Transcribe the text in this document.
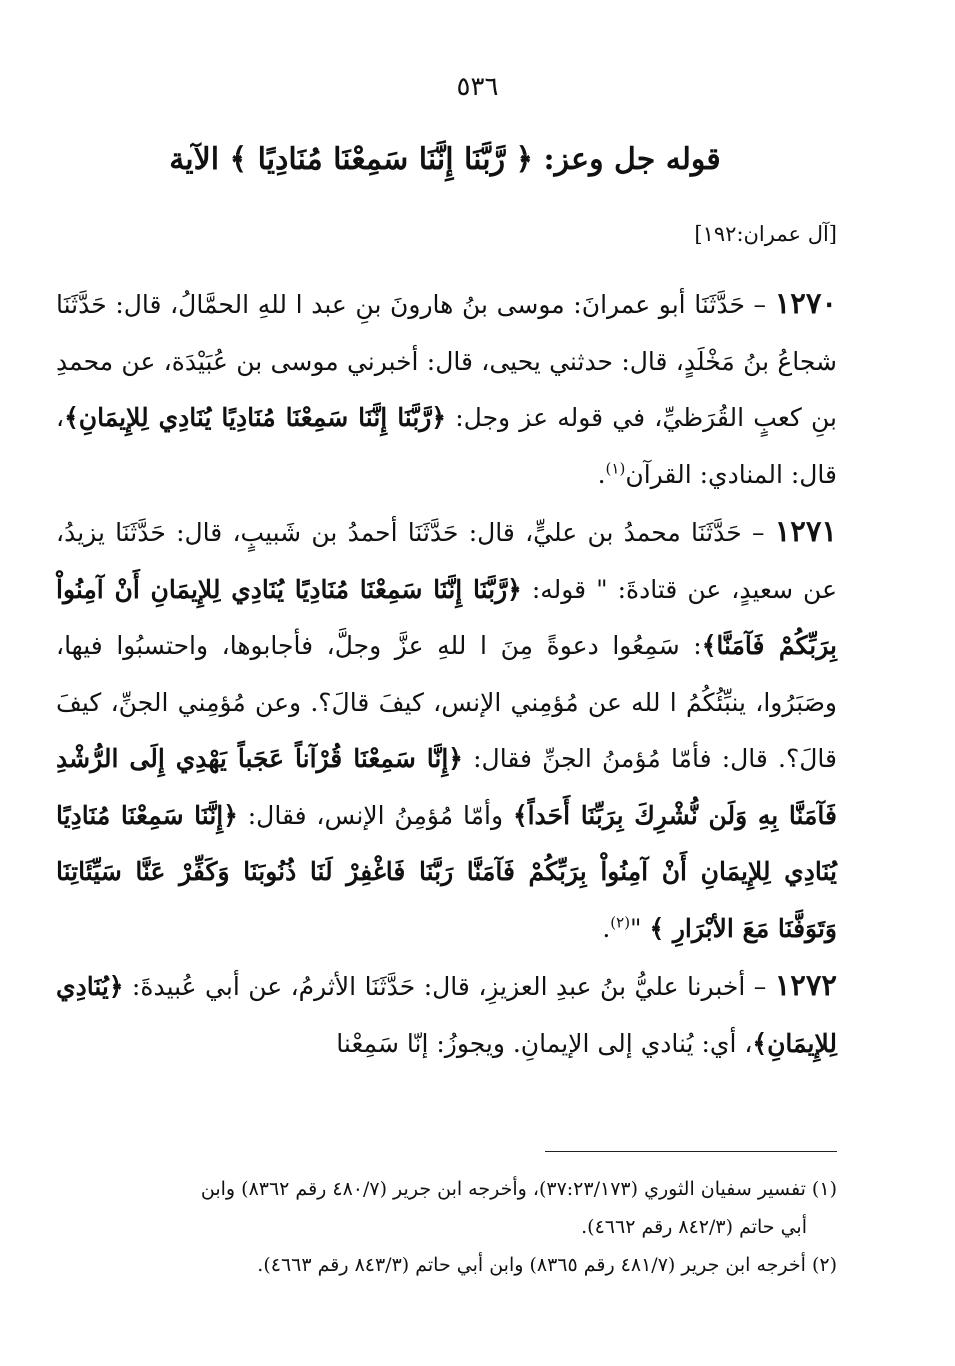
٥٣٦
قوله جل وعز: ﴿ رَّبَّنَا إِنَّنَا سَمِعْنَا مُنَادِيًا ﴾ الآية
[آل عمران:١٩٢]

١٢٧٠ – حَدَّثَنَا أبو عمرانَ: موسى بنُ هارونَ بنِ عبد ا للهِ الحمَّالُ، قال: حَدَّثَنَا شجاعُ بنُ مَخْلَدٍ، قال: حدثني يحيى، قال: أخبرني موسى بن عُبَيْدَة، عن محمدِ بنِ كعبٍ القُرَظيِّ، في قوله عز وجل: ﴿رَّبَّنَا إِنَّنَا سَمِعْنَا مُنَادِيًا يُنَادِي لِلإِيمَانِ﴾، قال: المنادي: القرآن$^{(١)}$.

١٢٧١ – حَدَّثَنَا محمدُ بن عليٍّ، قال: حَدَّثَنَا أحمدُ بن شَبيبٍ، قال: حَدَّثَنَا يزيدُ، عن سعيدٍ، عن قتادةَ: " قوله: ﴿رَّبَّنَا إِنَّنَا سَمِعْنَا مُنَادِيًا يُنَادِي لِلإِيمَانِ أَنْ آمِنُواْ بِرَبِّكُمْ فَآمَنَّا﴾: سَمِعُوا دعوةً مِنَ ا للهِ عزَّ وجلَّ، فأجابوها، واحتسبُوا فيها، وصَبَرُوا، ينبِّئُكُمُ ا لله عن مُؤمِني الإنس، كيفَ قالَ؟. وعن مُؤمِني الجنِّ، كيفَ قالَ؟. قال: فأمّا مُؤمنُ الجنِّ فقال: ﴿إِنَّا سَمِعْنَا قُرْآناً عَجَباً يَهْدِي إِلَى الرُّشْدِ فَآمَنَّا بِهِ وَلَن نُّشْرِكَ بِرَبِّنَا أَحَداً﴾ وأمّا مُؤمِنُ الإنس، فقال: ﴿إِنَّنَا سَمِعْنَا مُنَادِيًا يُنَادِي لِلإِيمَانِ أَنْ آمِنُواْ بِرَبِّكُمْ فَآمَنَّا رَبَّنَا فَاغْفِرْ لَنَا ذُنُوبَنَا وَكَفِّرْ عَنَّا سَيِّئَاتِنَا وَتَوَفَّنَا مَعَ الأبْرَارِ ﴾ "$^{(٢)}$.

١٢٧٢ – أخبرنا عليُّ بنُ عبدِ العزيزِ، قال: حَدَّثَنَا الأثرمُ، عن أبي عُبيدةَ: ﴿يُنَادِي لِلإِيمَانِ﴾، أي: يُنادي إلى الإيمانِ. ويجوزُ: إنّا سَمِعْنا

(١) تفسير سفيان الثوري (٣٧:٢٣/١٧٣)، وأخرجه ابن جرير (٤٨٠/٧ رقم ٨٣٦٢) وابن

أبي حاتم (٨٤٢/٣ رقم ٤٦٦٢).

(٢) أخرجه ابن جرير (٤٨١/٧ رقم ٨٣٦٥) وابن أبي حاتم (٨٤٣/٣ رقم ٤٦٦٣).
